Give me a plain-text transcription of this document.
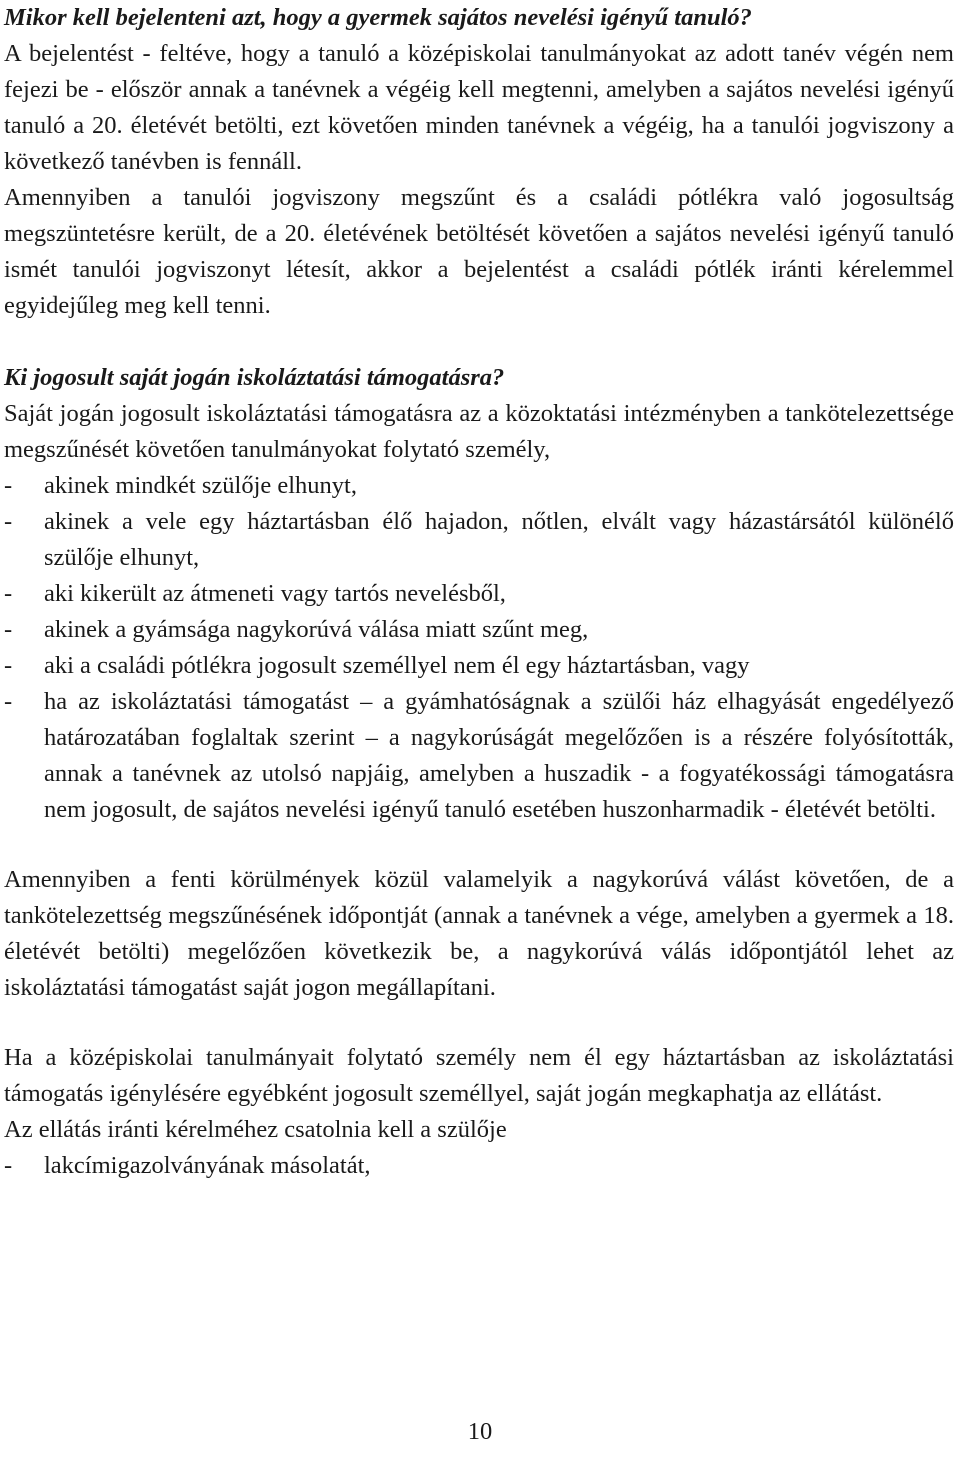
Mikor kell bejelenteni azt, hogy a gyermek sajátos nevelési igényű tanuló?

A bejelentést - feltéve, hogy a tanuló a középiskolai tanulmányokat az adott tanév végén nem fejezi be - először annak a tanévnek a végéig kell megtenni, amelyben a sajátos nevelési igényű tanuló a 20. életévét betölti, ezt követően minden tanévnek a végéig, ha a tanulói jogviszony a következő tanévben is fennáll.

Amennyiben a tanulói jogviszony megszűnt és a családi pótlékra való jogosultság megszüntetésre került, de a 20. életévének betöltését követően a sajátos nevelési igényű tanuló ismét tanulói jogviszonyt létesít, akkor a bejelentést a családi pótlék iránti kérelemmel egyidejűleg meg kell tenni.

Ki jogosult saját jogán iskoláztatási támogatásra?

Saját jogán jogosult iskoláztatási támogatásra az a közoktatási intézményben a tankötelezettsége megszűnését követően tanulmányokat folytató személy,

- akinek mindkét szülője elhunyt,
- akinek a vele egy háztartásban élő hajadon, nőtlen, elvált vagy házastársától különélő szülője elhunyt,
- aki kikerült az átmeneti vagy tartós nevelésből,
- akinek a gyámsága nagykorúvá válása miatt szűnt meg,
- aki a családi pótlékra jogosult személlyel nem él egy háztartásban, vagy
- ha az iskoláztatási támogatást – a gyámhatóságnak a szülői ház elhagyását engedélyező határozatában foglaltak szerint – a nagykorúságát megelőzően is a részére folyósították, annak a tanévnek az utolsó napjáig, amelyben a huszadik - a fogyatékossági támogatásra nem jogosult, de sajátos nevelési igényű tanuló esetében huszonharmadik - életévét betölti.

Amennyiben a fenti körülmények közül valamelyik a nagykorúvá válást követően, de a tankötelezettség megszűnésének időpontját (annak a tanévnek a vége, amelyben a gyermek a 18. életévét betölti) megelőzően következik be, a nagykorúvá válás időpontjától lehet az iskoláztatási támogatást saját jogon megállapítani.

Ha a középiskolai tanulmányait folytató személy nem él egy háztartásban az iskoláztatási támogatás igénylésére egyébként jogosult személlyel, saját jogán megkaphatja az ellátást.

Az ellátás iránti kérelméhez csatolnia kell a szülője

- lakcímigazolványának másolatát,
10
